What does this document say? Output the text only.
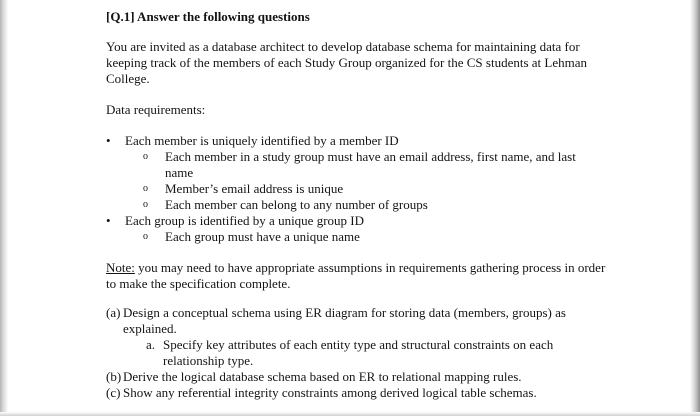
[Q.1] Answer the following questions

You are invited as a database architect to develop database schema for maintaining data for keeping track of the members of each Study Group organized for the CS students at Lehman College.

Data requirements:

• Each member is uniquely identified by a member ID
o Each member in a study group must have an email address, first name, and last name
o Member’s email address is unique
o Each member can belong to any number of groups
• Each group is identified by a unique group ID
o Each group must have a unique name

Note: you may need to have appropriate assumptions in requirements gathering process in order to make the specification complete.

(a) Design a conceptual schema using ER diagram for storing data (members, groups) as explained.
a. Specify key attributes of each entity type and structural constraints on each relationship type.
(b) Derive the logical database schema based on ER to relational mapping rules.
(c) Show any referential integrity constraints among derived logical table schemas.
